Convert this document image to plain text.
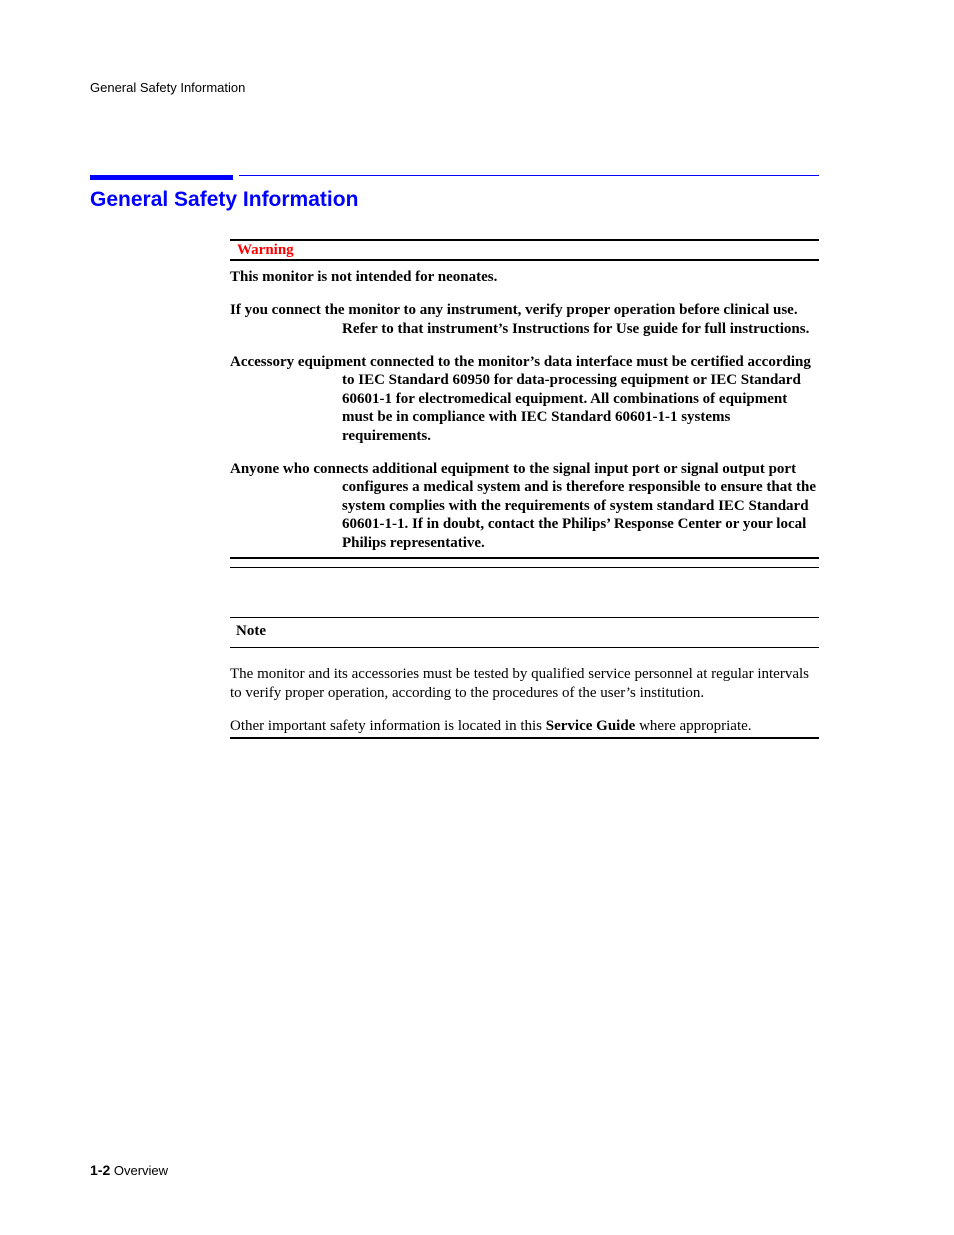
General Safety Information
General Safety Information
Warning

This monitor is not intended for neonates.

If you connect the monitor to any instrument, verify proper operation before clinical use. Refer to that instrument’s Instructions for Use guide for full instructions.

Accessory equipment connected to the monitor’s data interface must be certified according to IEC Standard 60950 for data-processing equipment or IEC Standard 60601-1 for electromedical equipment. All combinations of equipment must be in compliance with IEC Standard 60601-1-1 systems requirements.

Anyone who connects additional equipment to the signal input port or signal output port configures a medical system and is therefore responsible to ensure that the system complies with the requirements of system standard IEC Standard 60601-1-1. If in doubt, contact the Philips’ Response Center or your local Philips representative.

Note

The monitor and its accessories must be tested by qualified service personnel at regular intervals to verify proper operation, according to the procedures of the user’s institution.

Other important safety information is located in this Service Guide where appropriate.

1-2 Overview
